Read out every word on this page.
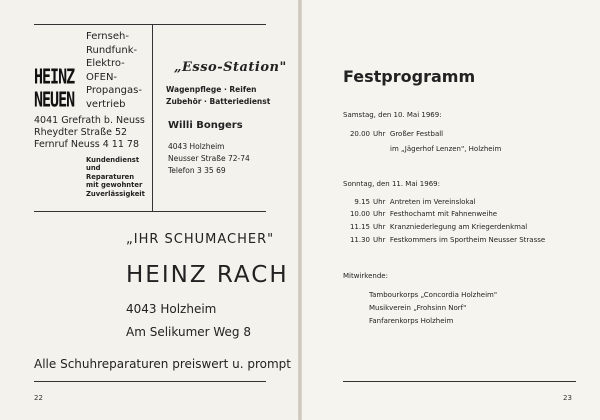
HEINZ
NEUEN
Fernseh-
Rundfunk-
Elektro-
OFEN-
Propangas-
vertrieb
4041 Grefrath b. Neuss
Rheydter Straße 52
Fernruf Neuss 4 11 78
Kundendienst
und
Reparaturen
mit gewohnter
Zuverlässigkeit
„Esso-Station"
Wagenpflege · Reifen
Zubehör · Batteriedienst
Willi Bongers
4043 Holzheim
Neusser Straße 72-74
Telefon 3 35 69
„IHR SCHUMACHER"
HEINZ RACH
4043 Holzheim
Am Selikumer Weg 8
Alle Schuhreparaturen preiswert u. prompt
22
Festprogramm
Samstag, den 10. Mai 1969:
20.00 Uhr Großer Festball
im „Jägerhof Lenzen", Holzheim
Sonntag, den 11. Mai 1969:
9.15 Uhr Antreten im Vereinslokal
10.00 Uhr Festhochamt mit Fahnenweihe
11.15 Uhr Kranzniederlegung am Kriegerdenkmal
11.30 Uhr Festkommers im Sportheim Neusser Strasse
Mitwirkende:
Tambourkorps „Concordia Holzheim"
Musikverein „Frohsinn Norf"
Fanfarenkorps Holzheim
23
